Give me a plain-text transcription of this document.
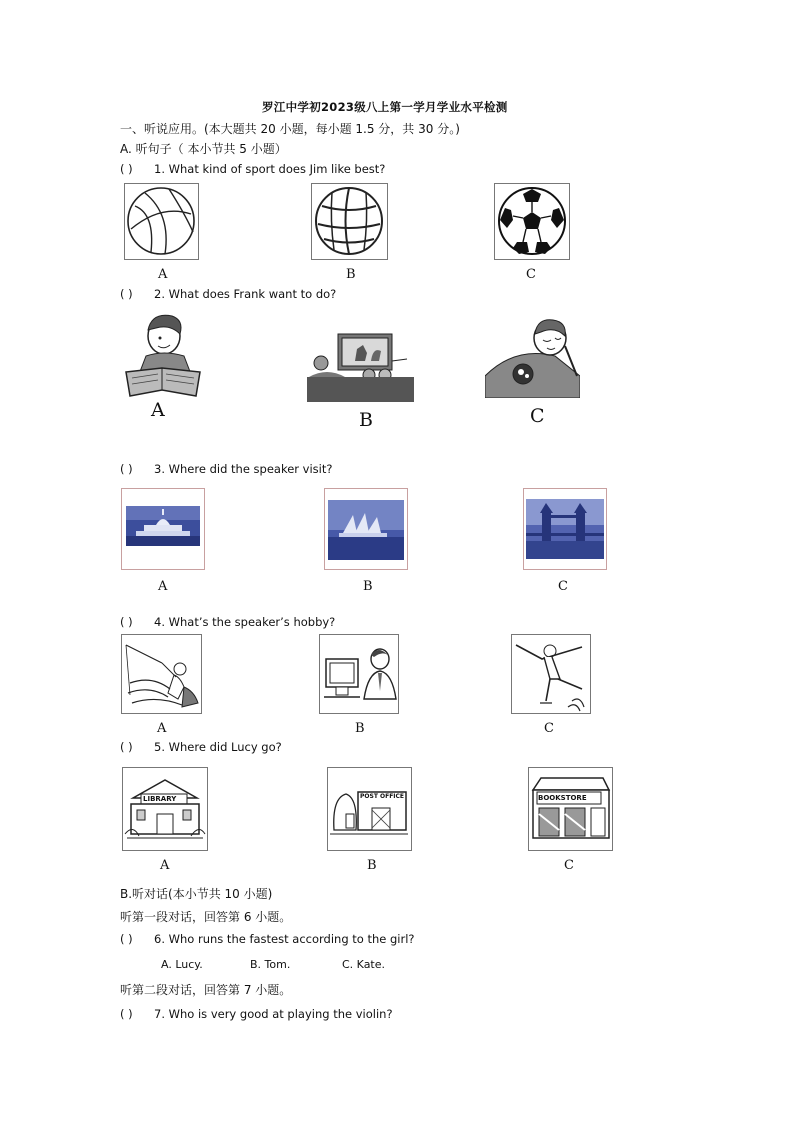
罗江中学初2023级八上第一学月学业水平检测
一、听说应用。(本大题共 20 小题，每小题 1.5 分，共 30 分。)
A. 听句子（ 本小节共 5 小题）
( ) 1. What kind of sport does Jim like best?
A	B	C
( ) 2. What does Frank want to do?
A	B	C
( ) 3. Where did the speaker visit?
A	B	C
( ) 4. What’s the speaker’s hobby?
A	B	C
( ) 5. Where did Lucy go?
LIBRARY	POST OFFICE	BOOKSTORE
A	B	C
B.听对话(本小节共 10 小题)
听第一段对话，回答第 6 小题。
( ) 6. Who runs the fastest according to the girl?
A. Lucy.	B. Tom.	C. Kate.
听第二段对话，回答第 7 小题。
( ) 7. Who is very good at playing the violin?
